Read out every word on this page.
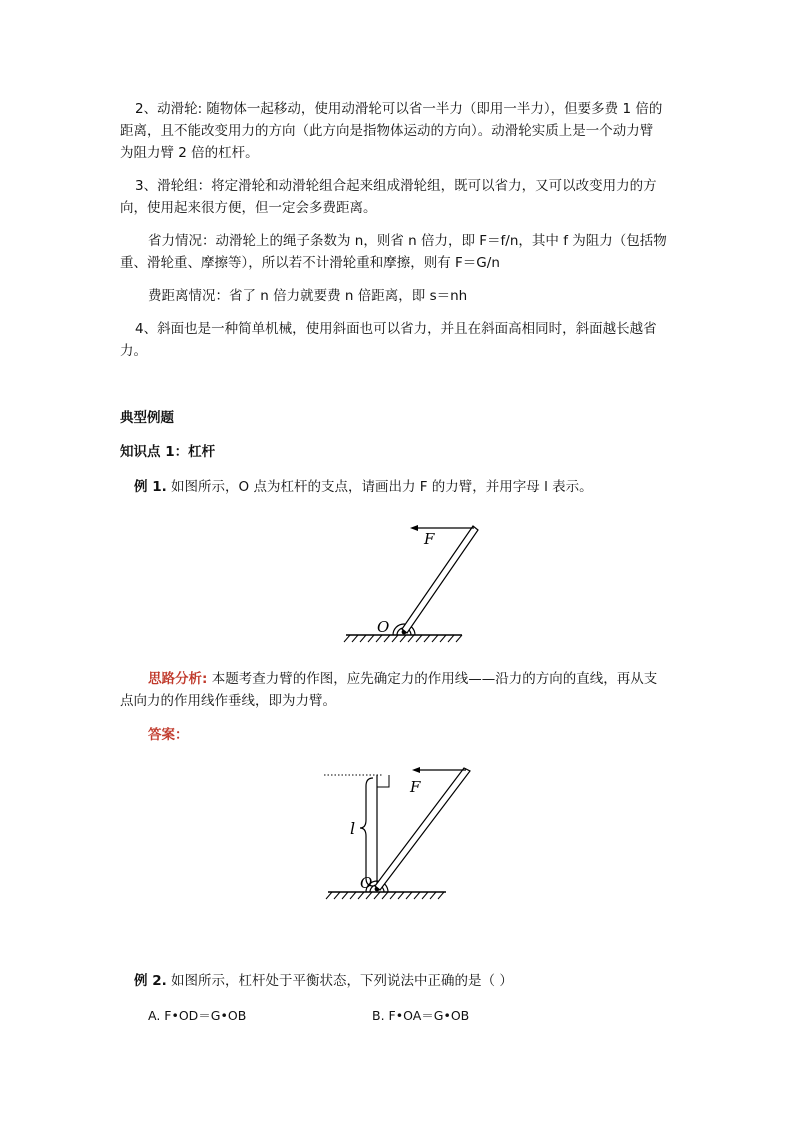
2、动滑轮: 随物体一起移动，使用动滑轮可以省一半力（即用一半力），但要多费 1 倍的
距离，且不能改变用力的方向（此方向是指物体运动的方向）。动滑轮实质上是一个动力臂
为阻力臂 2 倍的杠杆。
3、滑轮组：将定滑轮和动滑轮组合起来组成滑轮组，既可以省力，又可以改变用力的方
向，使用起来很方便，但一定会多费距离。
省力情况：动滑轮上的绳子条数为 n，则省 n 倍力，即 F＝f/n，其中 f 为阻力（包括物
重、滑轮重、摩擦等），所以若不计滑轮重和摩擦，则有 F＝G/n
费距离情况：省了 n 倍力就要费 n 倍距离，即 s＝nh
4、斜面也是一种简单机械，使用斜面也可以省力，并且在斜面高相同时，斜面越长越省
力。
典型例题
知识点 1：杠杆
例 1. 如图所示，O 点为杠杆的支点，请画出力 F 的力臂，并用字母 l 表示。
F
O
思路分析: 本题考查力臂的作图，应先确定力的作用线——沿力的方向的直线，再从支
点向力的作用线作垂线，即为力臂。
答案：
l
F
O
例 2. 如图所示，杠杆处于平衡状态，下列说法中正确的是（ ）
A. F•OD＝G•OB	B. F•OA＝G•OB
